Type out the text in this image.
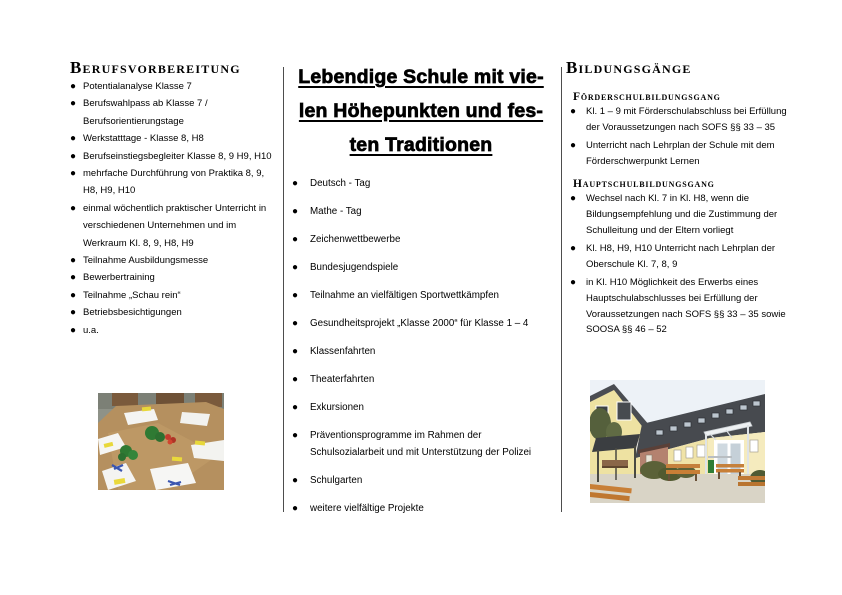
Berufsvorbereitung
● Potentialanalyse Klasse 7
● Berufswahlpass ab Klasse 7 / Berufsorientierungstage
● Werkstatttage - Klasse 8, H8
● Berufseinstiegsbegleiter Klasse 8, 9 H9, H10
● mehrfache Durchführung von Praktika 8, 9, H8, H9, H10
● einmal wöchentlich praktischer Unterricht in verschiedenen Unternehmen und im Werkraum Kl. 8, 9, H8, H9
● Teilnahme Ausbildungsmesse
● Bewerbertraining
● Teilnahme „Schau rein“
● Betriebsbesichtigungen
● u.a.
Lebendige Schule mit vie-
len Höhepunkten und fes-
ten Traditionen
●	Deutsch - Tag
●	Mathe - Tag
●	Zeichenwettbewerbe
●	Bundesjugendspiele
●	Teilnahme an vielfältigen Sportwettkämpfen
●	Gesundheitsprojekt „Klasse 2000“ für Klasse 1 – 4
●	Klassenfahrten
●	Theaterfahrten
●	Exkursionen
●	Präventionsprogramme im Rahmen der Schulsozialarbeit und mit Unterstützung der Polizei
●	Schulgarten
●	weitere vielfältige Projekte
Bildungsgänge
Förderschulbildungsgang
●	Kl. 1 – 9 mit Förderschulabschluss bei Erfüllung der Voraussetzungen nach SOFS §§ 33 – 35
●	Unterricht nach Lehrplan der Schule mit dem Förderschwerpunkt Lernen
Hauptschulbildungsgang
●	Wechsel nach Kl. 7 in Kl. H8, wenn die Bildungsempfehlung und die Zustimmung der Schulleitung und der Eltern vorliegt
●	Kl. H8, H9, H10 Unterricht nach Lehrplan der Oberschule Kl. 7, 8, 9
●	in Kl. H10 Möglichkeit des Erwerbs eines Hauptschulabschlusses bei Erfüllung der Voraussetzungen nach SOFS §§ 33 – 35 sowie SOOSA §§ 46 – 52
